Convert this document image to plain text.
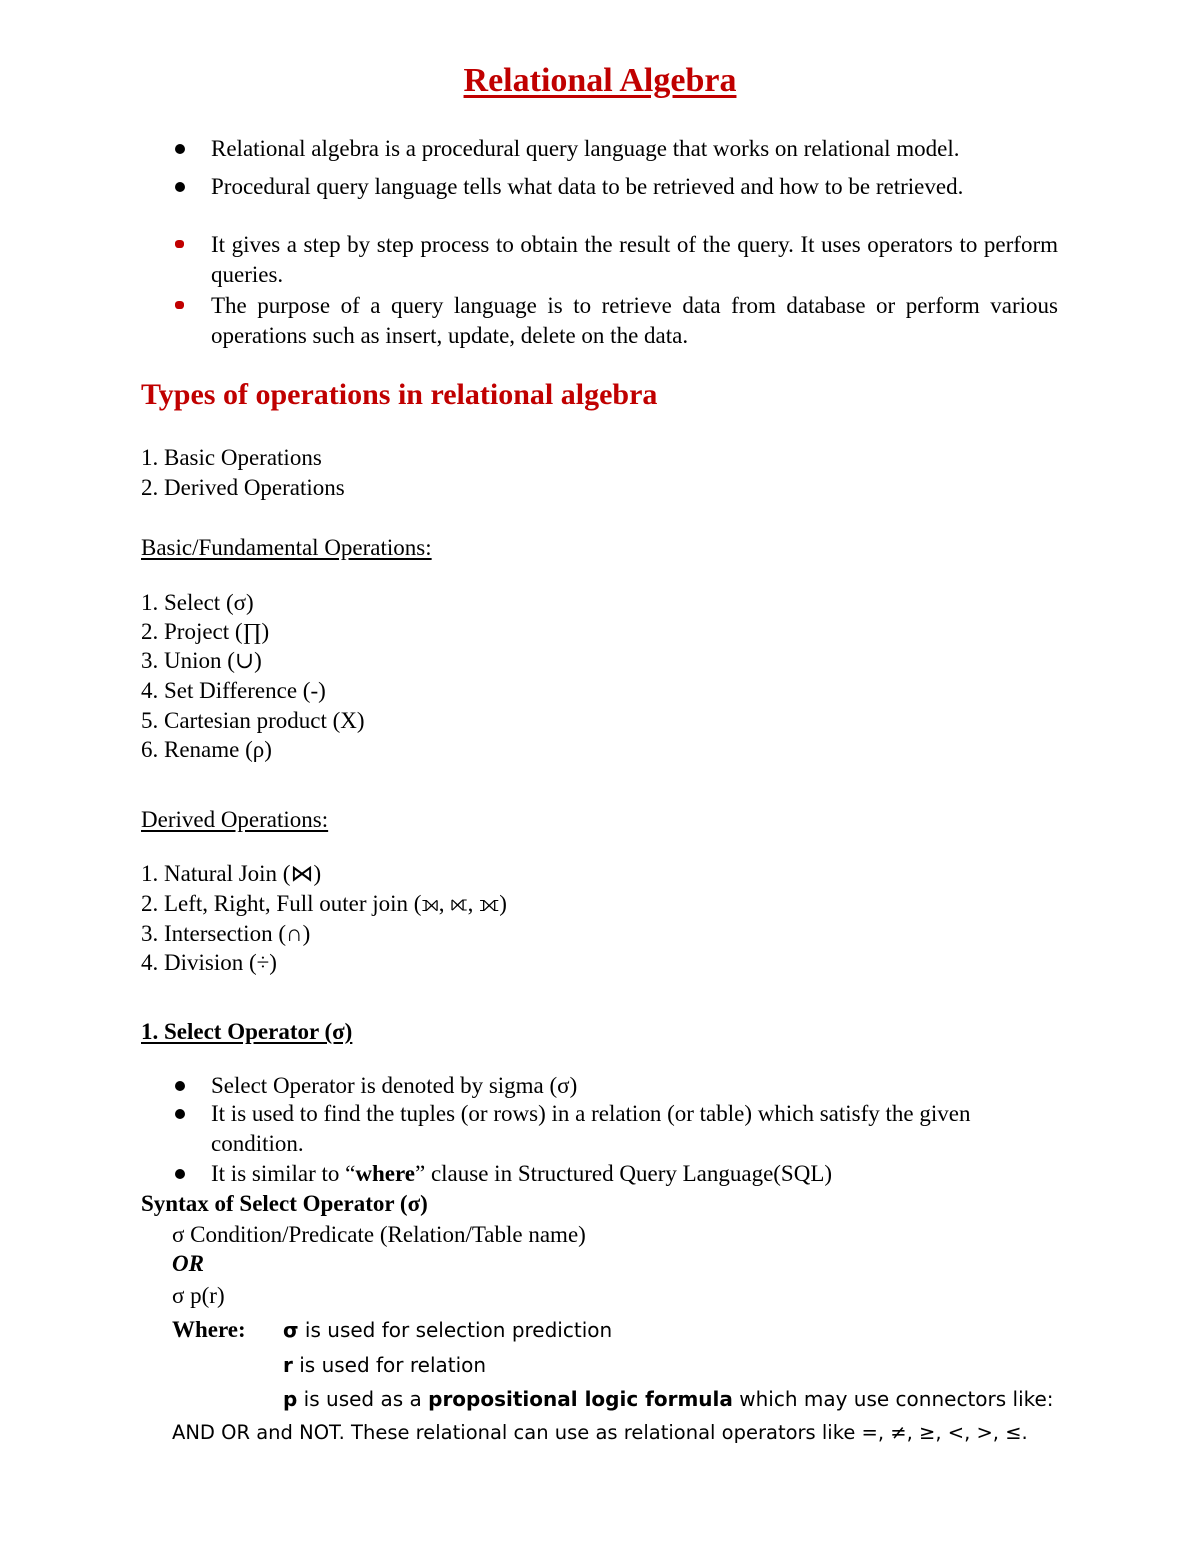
Relational Algebra
Relational algebra is a procedural query language that works on relational model.
Procedural query language tells what data to be retrieved and how to be retrieved.
It gives a step by step process to obtain the result of the query. It uses operators to perform queries.
The purpose of a query language is to retrieve data from database or perform various operations such as insert, update, delete on the data.
Types of operations in relational algebra
1. Basic Operations
2. Derived Operations
Basic/Fundamental Operations:
1. Select (σ)
2. Project (∏)
3. Union (∪)
4. Set Difference (-)
5. Cartesian product (X)
6. Rename (ρ)
Derived Operations:
1. Natural Join (⋈)
2. Left, Right, Full outer join (⟕, ⟖, ⟗)
3. Intersection (∩)
4. Division (÷)
1. Select Operator (σ)
Select Operator is denoted by sigma (σ)
It is used to find the tuples (or rows) in a relation (or table) which satisfy the given condition.
It is similar to “where” clause in Structured Query Language(SQL)
Syntax of Select Operator (σ)
σ Condition/Predicate (Relation/Table name)
OR
σ p(r)
Where: σ is used for selection prediction
r is used for relation
p is used as a propositional logic formula which may use connectors like:
AND OR and NOT. These relational can use as relational operators like =, ≠, ≥, <, >, ≤.
